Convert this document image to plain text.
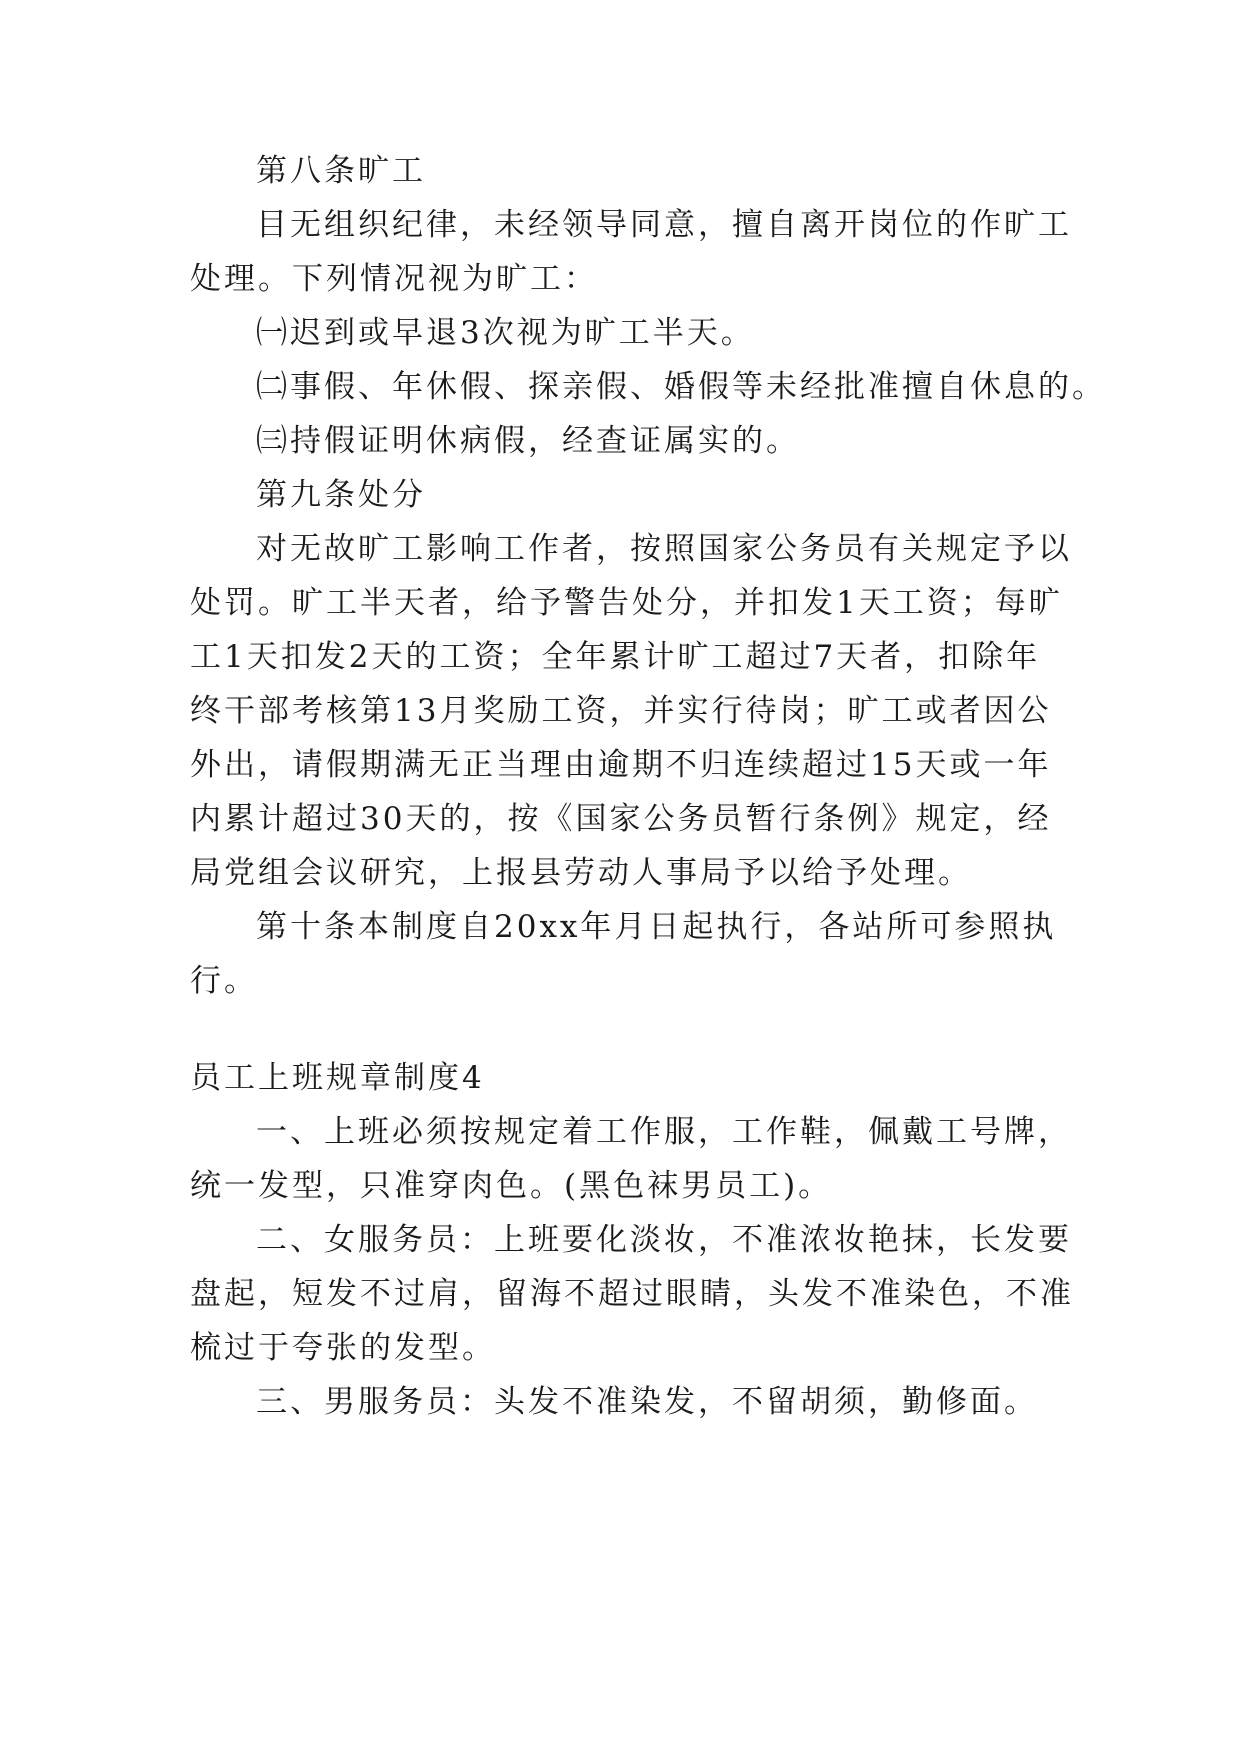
第八条旷工
目无组织纪律，未经领导同意，擅自离开岗位的作旷工
处理。下列情况视为旷工：
㈠迟到或早退3次视为旷工半天。
㈡事假、年休假、探亲假、婚假等未经批准擅自休息的。
㈢持假证明休病假，经查证属实的。
第九条处分
对无故旷工影响工作者，按照国家公务员有关规定予以
处罚。旷工半天者，给予警告处分，并扣发1天工资；每旷
工1天扣发2天的工资；全年累计旷工超过7天者，扣除年
终干部考核第13月奖励工资，并实行待岗；旷工或者因公
外出，请假期满无正当理由逾期不归连续超过15天或一年
内累计超过30天的，按《国家公务员暂行条例》规定，经
局党组会议研究，上报县劳动人事局予以给予处理。
第十条本制度自20xx年月日起执行，各站所可参照执
行。
员工上班规章制度4
一、上班必须按规定着工作服，工作鞋，佩戴工号牌，
统一发型，只准穿肉色。(黑色袜男员工)。
二、女服务员：上班要化淡妆，不准浓妆艳抹，长发要
盘起，短发不过肩，留海不超过眼睛，头发不准染色，不准
梳过于夸张的发型。
三、男服务员：头发不准染发，不留胡须，勤修面。
